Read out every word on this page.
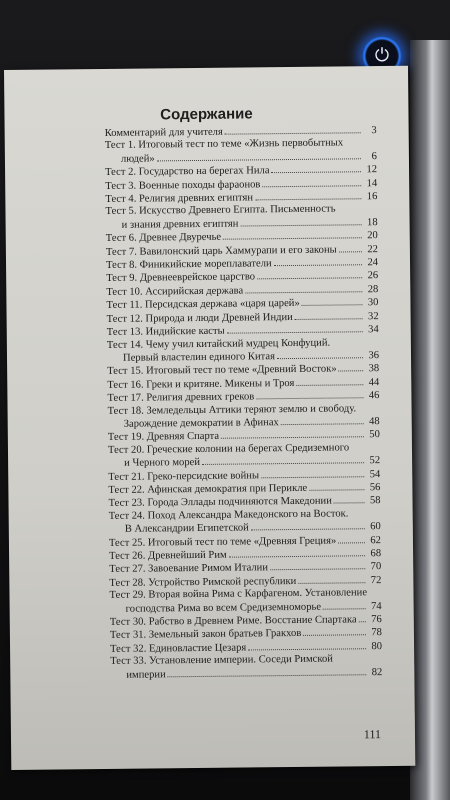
⏻
Содержание
Комментарий для учителя	3
Тест 1. Итоговый тест по теме «Жизнь первобытных
людей»	6
Тест 2. Государство на берегах Нила	12
Тест 3. Военные походы фараонов	14
Тест 4. Религия древних египтян	16
Тест 5. Искусство Древнего Египта. Письменность
и знания древних египтян	18
Тест 6. Древнее Двуречье	20
Тест 7. Вавилонский царь Хаммурапи и его законы	22
Тест 8. Финикийские мореплаватели	24
Тест 9. Древнееврейское царство	26
Тест 10. Ассирийская держава	28
Тест 11. Персидская держава «царя царей»	30
Тест 12. Природа и люди Древней Индии	32
Тест 13. Индийские касты	34
Тест 14. Чему учил китайский мудрец Конфуций.
Первый властелин единого Китая	36
Тест 15. Итоговый тест по теме «Древний Восток»	38
Тест 16. Греки и критяне. Микены и Троя	44
Тест 17. Религия древних греков	46
Тест 18. Земледельцы Аттики теряют землю и свободу.
Зарождение демократии в Афинах	48
Тест 19. Древняя Спарта	50
Тест 20. Греческие колонии на берегах Средиземного
и Черного морей	52
Тест 21. Греко-персидские войны	54
Тест 22. Афинская демократия при Перикле	56
Тест 23. Города Эллады подчиняются Македонии	58
Тест 24. Поход Александра Македонского на Восток.
В Александрии Египетской	60
Тест 25. Итоговый тест по теме «Древняя Греция»	62
Тест 26. Древнейший Рим	68
Тест 27. Завоевание Римом Италии	70
Тест 28. Устройство Римской республики	72
Тест 29. Вторая война Рима с Карфагеном. Установление
господства Рима во всем Средиземноморье	74
Тест 30. Рабство в Древнем Риме. Восстание Спартака	76
Тест 31. Земельный закон братьев Гракхов	78
Тест 32. Единовластие Цезаря	80
Тест 33. Установление империи. Соседи Римской
империи	82
111
